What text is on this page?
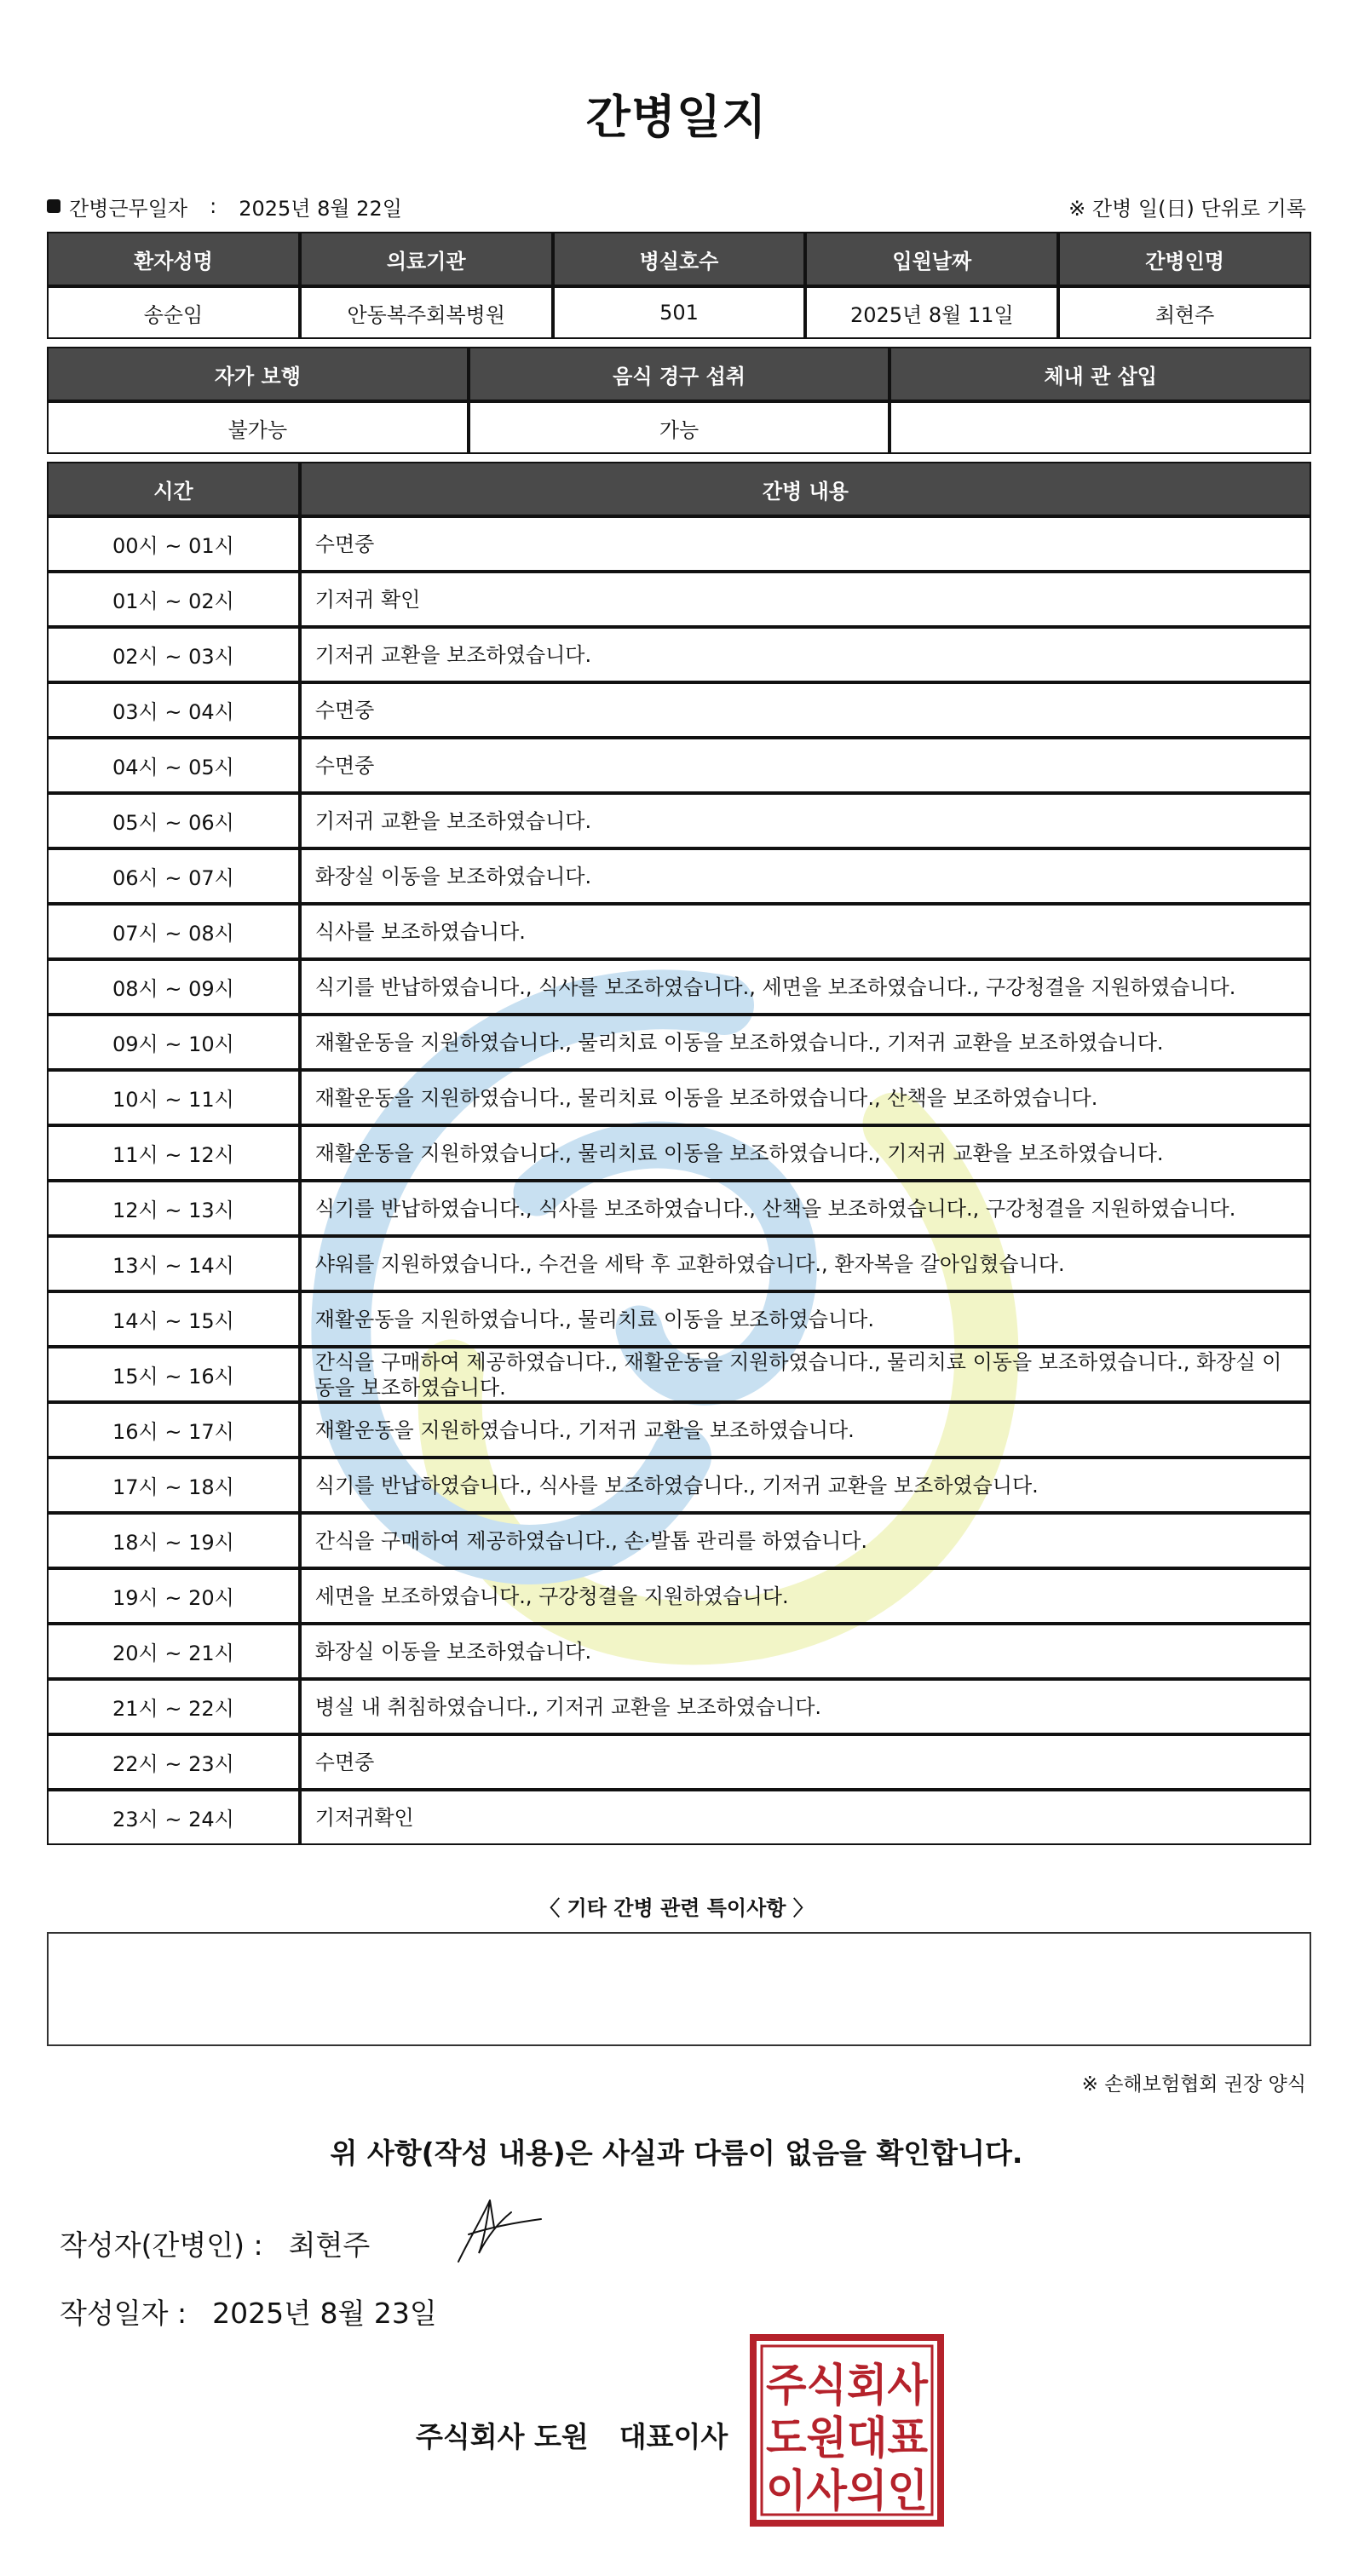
간병일지
간병근무일자 : 2025년 8월 22일	※ 간병 일(日) 단위로 기록
환자성명	의료기관	병실호수	입원날짜	간병인명
송순임	안동복주회복병원	501	2025년 8월 11일	최현주
자가 보행	음식 경구 섭취	체내 관 삽입
불가능	가능	
시간	간병 내용
00시 ~ 01시	수면중
01시 ~ 02시	기저귀 확인
02시 ~ 03시	기저귀 교환을 보조하였습니다.
03시 ~ 04시	수면중
04시 ~ 05시	수면중
05시 ~ 06시	기저귀 교환을 보조하였습니다.
06시 ~ 07시	화장실 이동을 보조하였습니다.
07시 ~ 08시	식사를 보조하였습니다.
08시 ~ 09시	식기를 반납하였습니다., 식사를 보조하였습니다., 세면을 보조하였습니다., 구강청결을 지원하였습니다.
09시 ~ 10시	재활운동을 지원하였습니다., 물리치료 이동을 보조하였습니다., 기저귀 교환을 보조하였습니다.
10시 ~ 11시	재활운동을 지원하였습니다., 물리치료 이동을 보조하였습니다., 산책을 보조하였습니다.
11시 ~ 12시	재활운동을 지원하였습니다., 물리치료 이동을 보조하였습니다., 기저귀 교환을 보조하였습니다.
12시 ~ 13시	식기를 반납하였습니다., 식사를 보조하였습니다., 산책을 보조하였습니다., 구강청결을 지원하였습니다.
13시 ~ 14시	샤워를 지원하였습니다., 수건을 세탁 후 교환하였습니다., 환자복을 갈아입혔습니다.
14시 ~ 15시	재활운동을 지원하였습니다., 물리치료 이동을 보조하였습니다.
15시 ~ 16시	간식을 구매하여 제공하였습니다., 재활운동을 지원하였습니다., 물리치료 이동을 보조하였습니다., 화장실 이동을 보조하였습니다.
16시 ~ 17시	재활운동을 지원하였습니다., 기저귀 교환을 보조하였습니다.
17시 ~ 18시	식기를 반납하였습니다., 식사를 보조하였습니다., 기저귀 교환을 보조하였습니다.
18시 ~ 19시	간식을 구매하여 제공하였습니다., 손·발톱 관리를 하였습니다.
19시 ~ 20시	세면을 보조하였습니다., 구강청결을 지원하였습니다.
20시 ~ 21시	화장실 이동을 보조하였습니다.
21시 ~ 22시	병실 내 취침하였습니다., 기저귀 교환을 보조하였습니다.
22시 ~ 23시	수면중
23시 ~ 24시	기저귀확인
〈 기타 간병 관련 특이사항 〉
※ 손해보험협회 권장 양식
위 사항(작성 내용)은 사실과 다름이 없음을 확인합니다.
작성자(간병인) : 최현주
작성일자 : 2025년 8월 23일
주식회사 도원 대표이사
주식회사
도원대표
이사의인
